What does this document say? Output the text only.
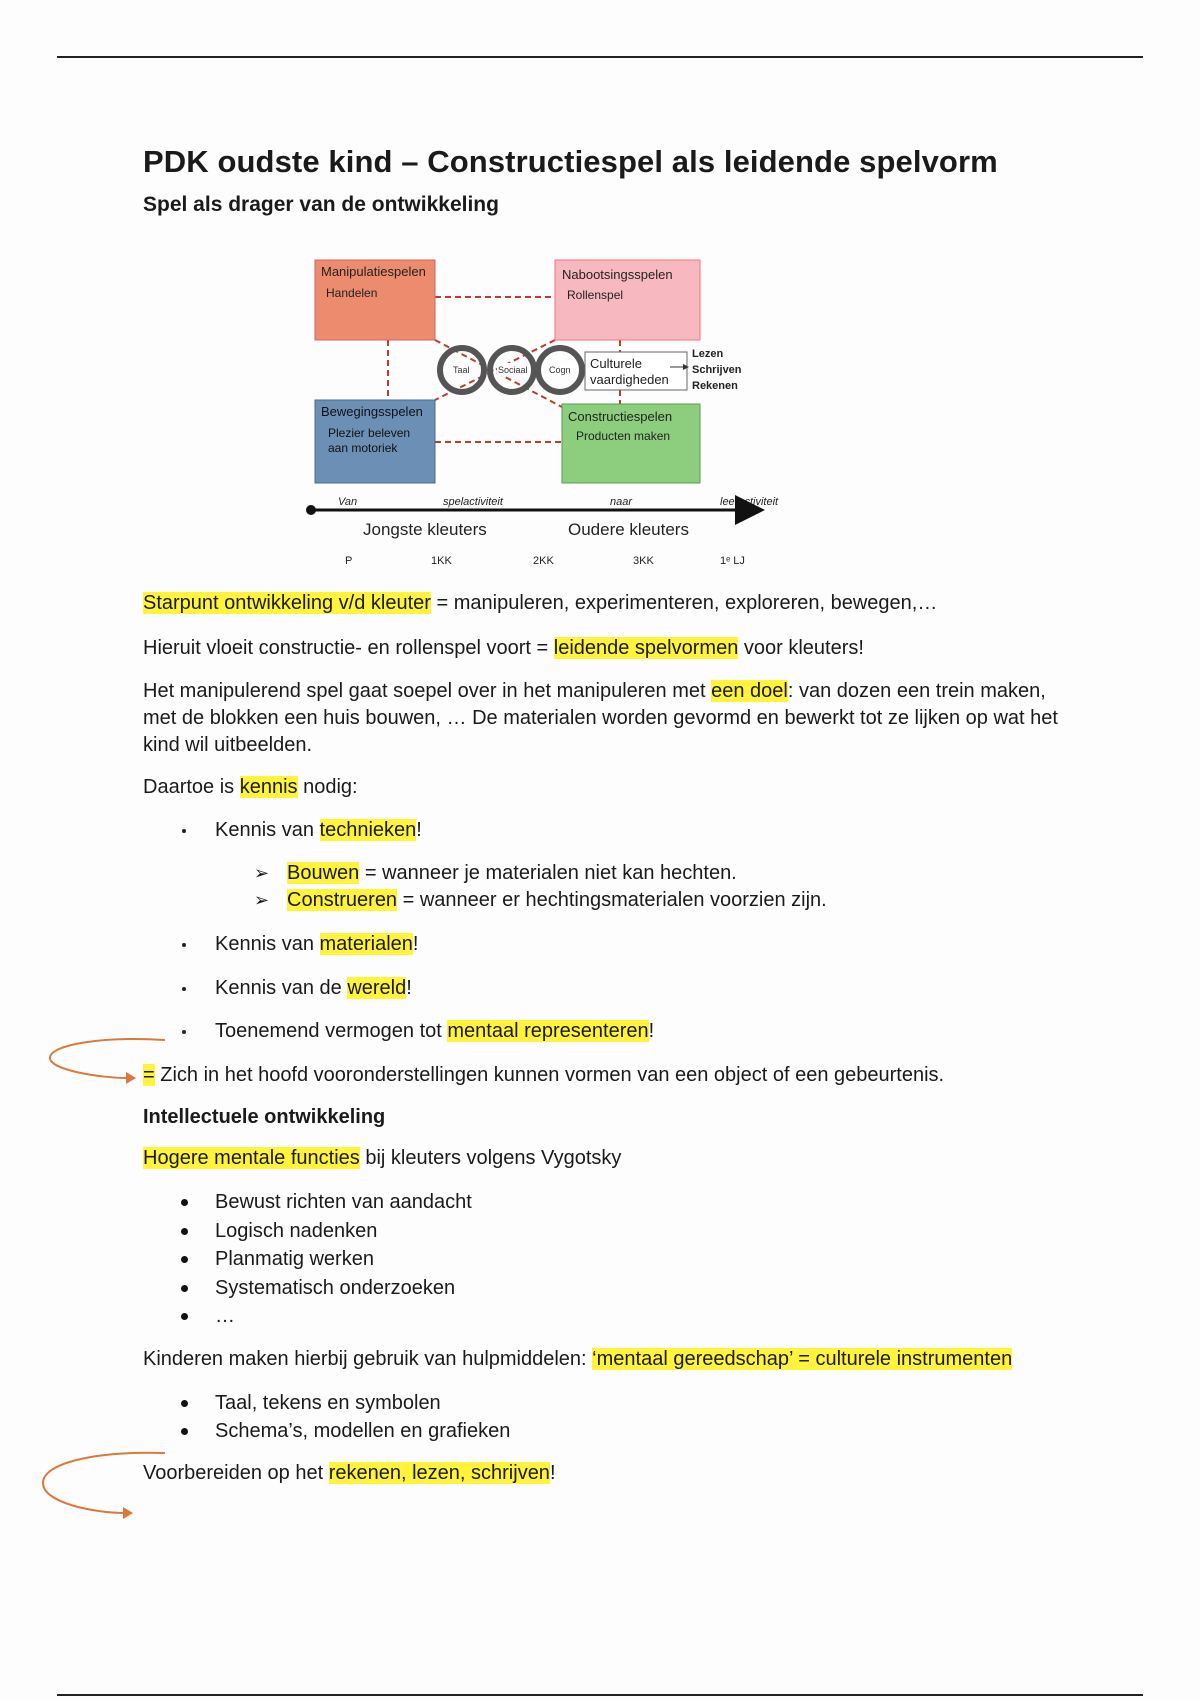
PDK oudste kind – Constructiespel als leidende spelvorm
Spel als drager van de ontwikkeling
Manipulatiespelen
Handelen
Nabootsingsspelen
Rollenspel
Bewegingsspelen
Plezier beleven
aan motoriek
Constructiespelen
Producten maken
Taal	Sociaal Cogn Culturele
vaardigheden
Lezen
Schrijven
Rekenen
Van	spelactiviteit	naar	leeractiviteit
Jongste kleuters	Oudere kleuters
P	1KK	2KK	3KK	1ᵉ LJ

Starpunt ontwikkeling v/d kleuter = manipuleren, experimenteren, exploreren, bewegen,…

Hieruit vloeit constructie- en rollenspel voort = leidende spelvormen voor kleuters!

Het manipulerend spel gaat soepel over in het manipuleren met een doel: van dozen een trein maken, met de blokken een huis bouwen, … De materialen worden gevormd en bewerkt tot ze lijken op wat het kind wil uitbeelden.

Daartoe is kennis nodig:

Kennis van technieken!
➢ Bouwen = wanneer je materialen niet kan hechten.
➢ Construeren = wanneer er hechtingsmaterialen voorzien zijn.
Kennis van materialen!
Kennis van de wereld!
Toenemend vermogen tot mentaal representeren!

= Zich in het hoofd vooronderstellingen kunnen vormen van een object of een gebeurtenis.

Intellectuele ontwikkeling

Hogere mentale functies bij kleuters volgens Vygotsky

Bewust richten van aandacht
Logisch nadenken
Planmatig werken
Systematisch onderzoeken
…

Kinderen maken hierbij gebruik van hulpmiddelen: ‘mentaal gereedschap’ = culturele instrumenten

Taal, tekens en symbolen
Schema’s, modellen en grafieken

Voorbereiden op het rekenen, lezen, schrijven!
